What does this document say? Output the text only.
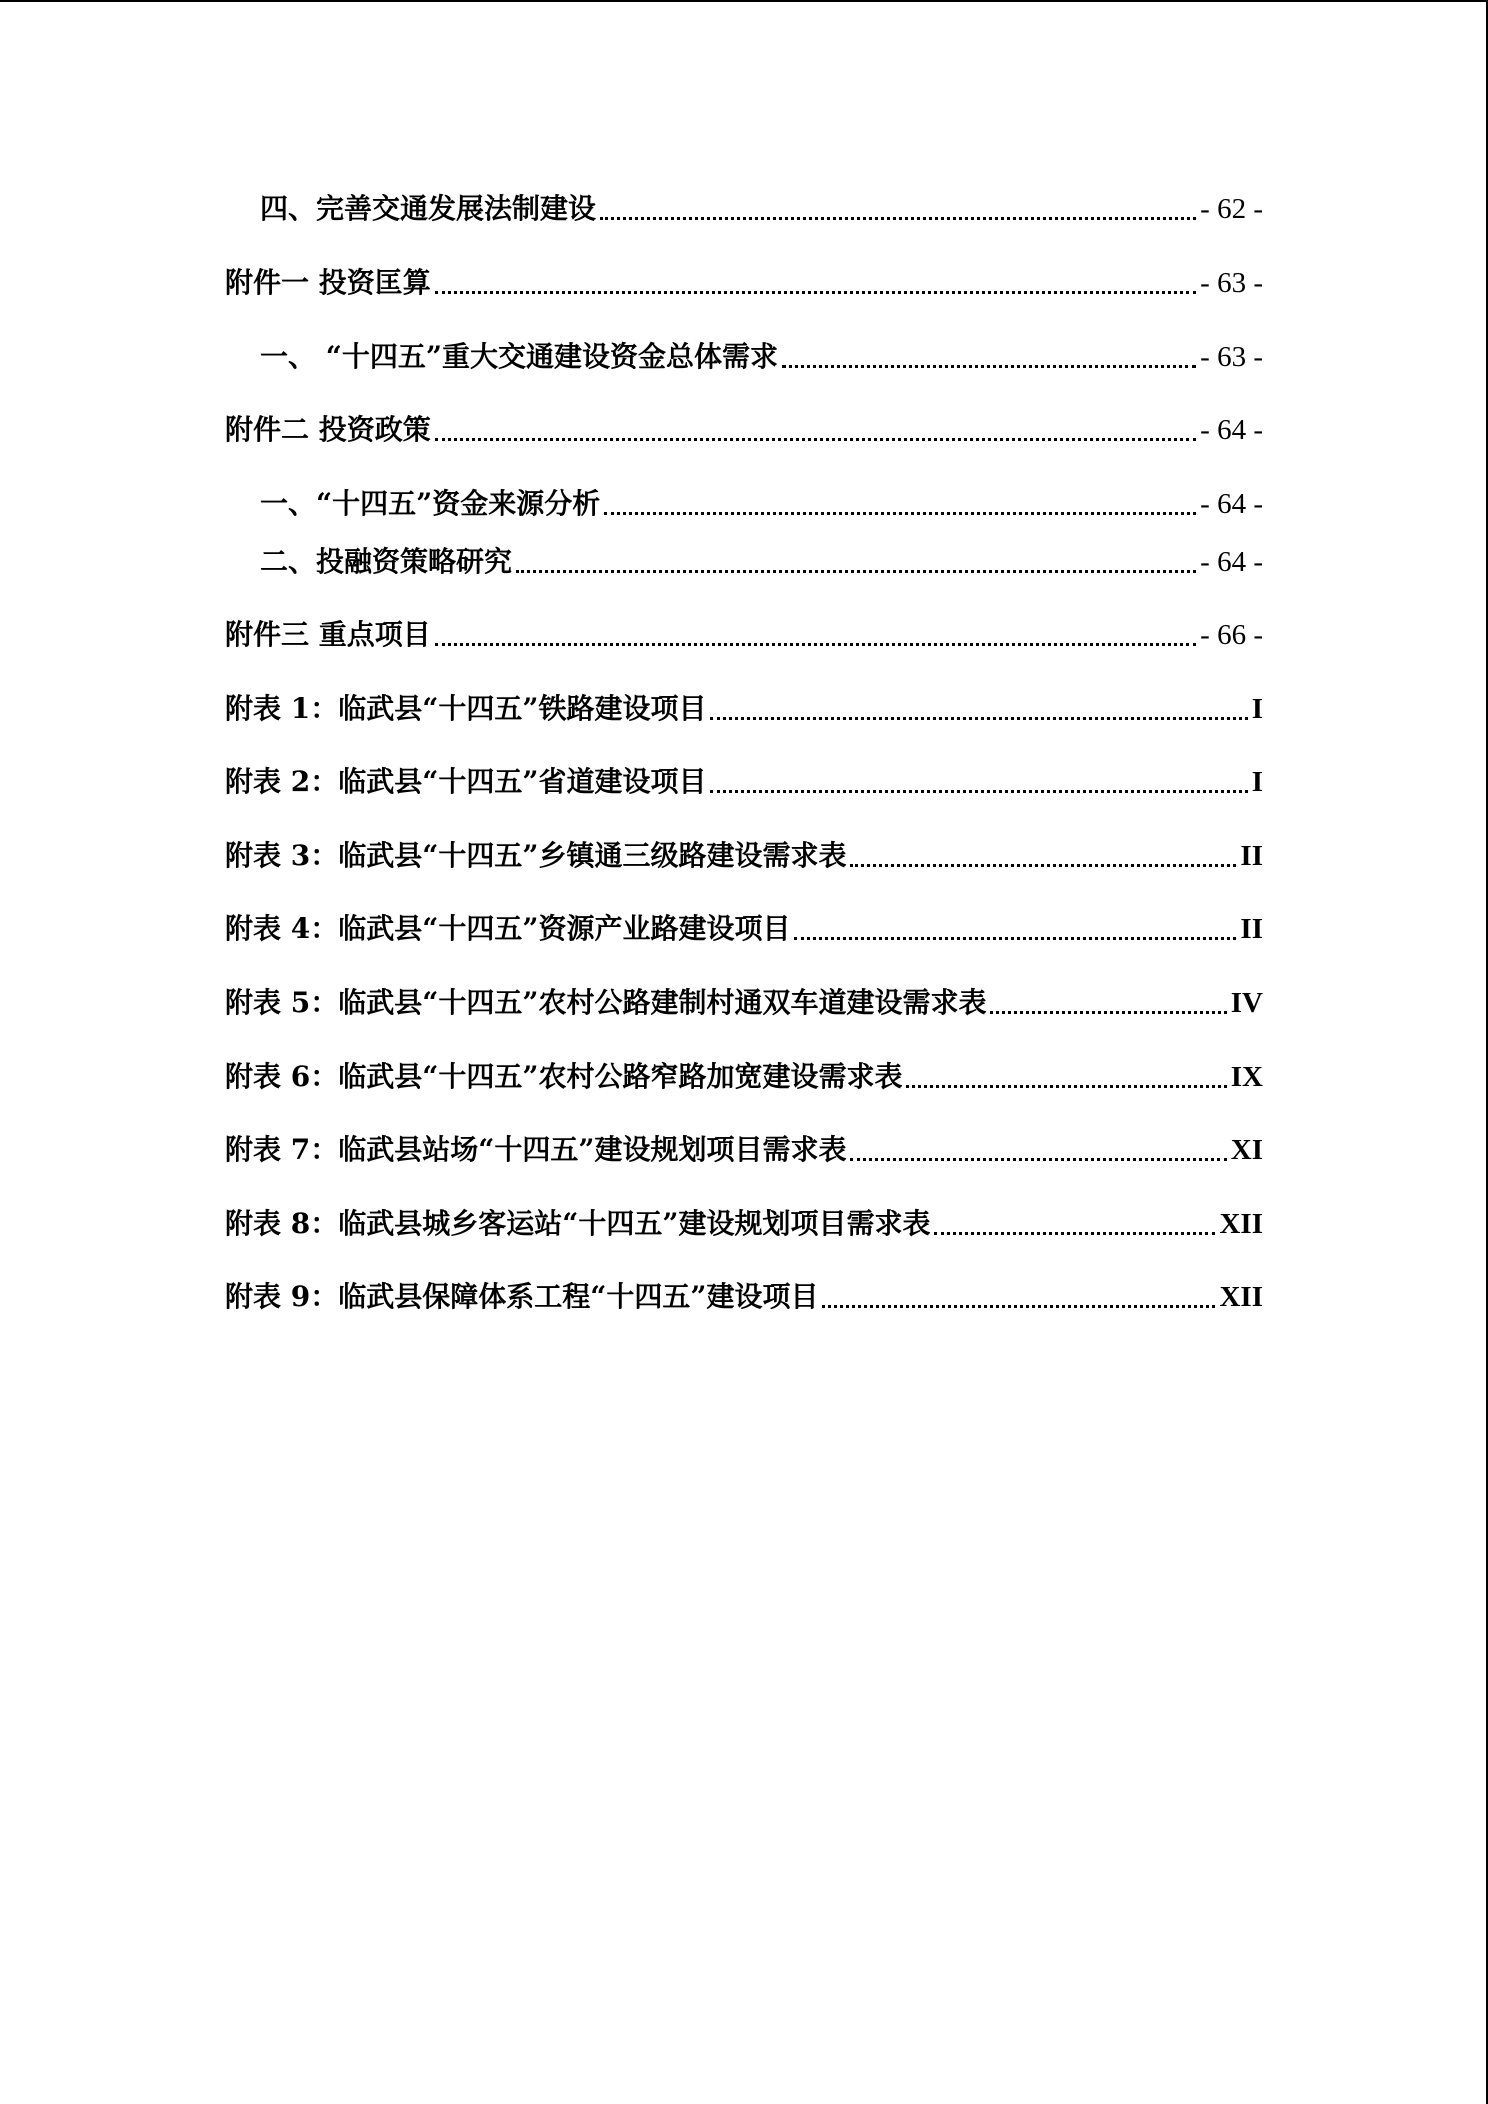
四、完善交通发展法制建设	- 62 -
附件一 投资匡算	- 63 -
一、 “十四五”重大交通建设资金总体需求	- 63 -
附件二 投资政策	- 64 -
一、“十四五”资金来源分析	- 64 -
二、投融资策略研究	- 64 -
附件三 重点项目	- 66 -
附表 1：临武县“十四五”铁路建设项目	I
附表 2：临武县“十四五”省道建设项目	I
附表 3：临武县“十四五”乡镇通三级路建设需求表	II
附表 4：临武县“十四五”资源产业路建设项目	II
附表 5：临武县“十四五”农村公路建制村通双车道建设需求表	IV
附表 6：临武县“十四五”农村公路窄路加宽建设需求表	IX
附表 7：临武县站场“十四五”建设规划项目需求表	XI
附表 8：临武县城乡客运站“十四五”建设规划项目需求表	XII
附表 9：临武县保障体系工程“十四五”建设项目	XII
